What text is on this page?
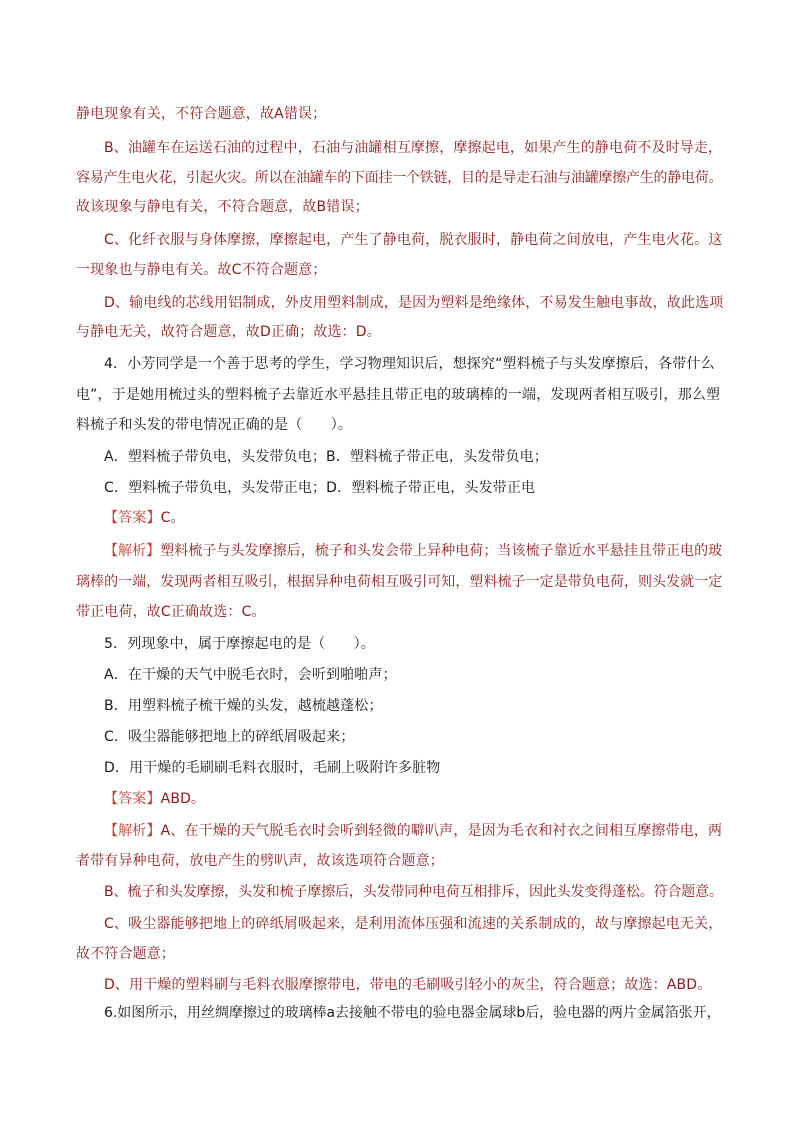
静电现象有关，不符合题意，故A错误；
B、油罐车在运送石油的过程中，石油与油罐相互摩擦，摩擦起电，如果产生的静电荷不及时导走，
容易产生电火花，引起火灾。所以在油罐车的下面挂一个铁链，目的是导走石油与油罐摩擦产生的静电荷。
故该现象与静电有关，不符合题意，故B错误；
C、化纤衣服与身体摩擦，摩擦起电，产生了静电荷，脱衣服时，静电荷之间放电，产生电火花。这
一现象也与静电有关。故C不符合题意；
D、输电线的芯线用铝制成，外皮用塑料制成，是因为塑料是绝缘体，不易发生触电事故，故此选项
与静电无关，故符合题意，故D正确；故选：D。
4．小芳同学是一个善于思考的学生，学习物理知识后，想探究“塑料梳子与头发摩擦后，各带什么
电”，于是她用梳过头的塑料梳子去靠近水平悬挂且带正电的玻璃棒的一端，发现两者相互吸引，那么塑
料梳子和头发的带电情况正确的是（　　）。
A．塑料梳子带负电，头发带负电；B．塑料梳子带正电，头发带负电；
C．塑料梳子带负电，头发带正电；D．塑料梳子带正电，头发带正电
【答案】C。
【解析】塑料梳子与头发摩擦后，梳子和头发会带上异种电荷；当该梳子靠近水平悬挂且带正电的玻
璃棒的一端，发现两者相互吸引，根据异种电荷相互吸引可知，塑料梳子一定是带负电荷，则头发就一定
带正电荷，故C正确故选：C。
5．列现象中，属于摩擦起电的是（　　）。
A．在干燥的天气中脱毛衣时，会听到啪啪声；
B．用塑料梳子梳干燥的头发，越梳越蓬松；
C．吸尘器能够把地上的碎纸屑吸起来；
D．用干燥的毛刷刷毛料衣服时，毛刷上吸附许多脏物
【答案】ABD。
【解析】A、在干燥的天气脱毛衣时会听到轻微的噼叭声，是因为毛衣和衬衣之间相互摩擦带电，两
者带有异种电荷，放电产生的劈叭声，故该选项符合题意；
B、梳子和头发摩擦，头发和梳子摩擦后，头发带同种电荷互相排斥，因此头发变得蓬松。符合题意。
C、吸尘器能够把地上的碎纸屑吸起来，是利用流体压强和流速的关系制成的，故与摩擦起电无关，
故不符合题意；
D、用干燥的塑料刷与毛料衣服摩擦带电，带电的毛刷吸引轻小的灰尘，符合题意；故选：ABD。
6.如图所示，用丝绸摩擦过的玻璃棒a去接触不带电的验电器金属球b后，验电器的两片金属箔张开，
